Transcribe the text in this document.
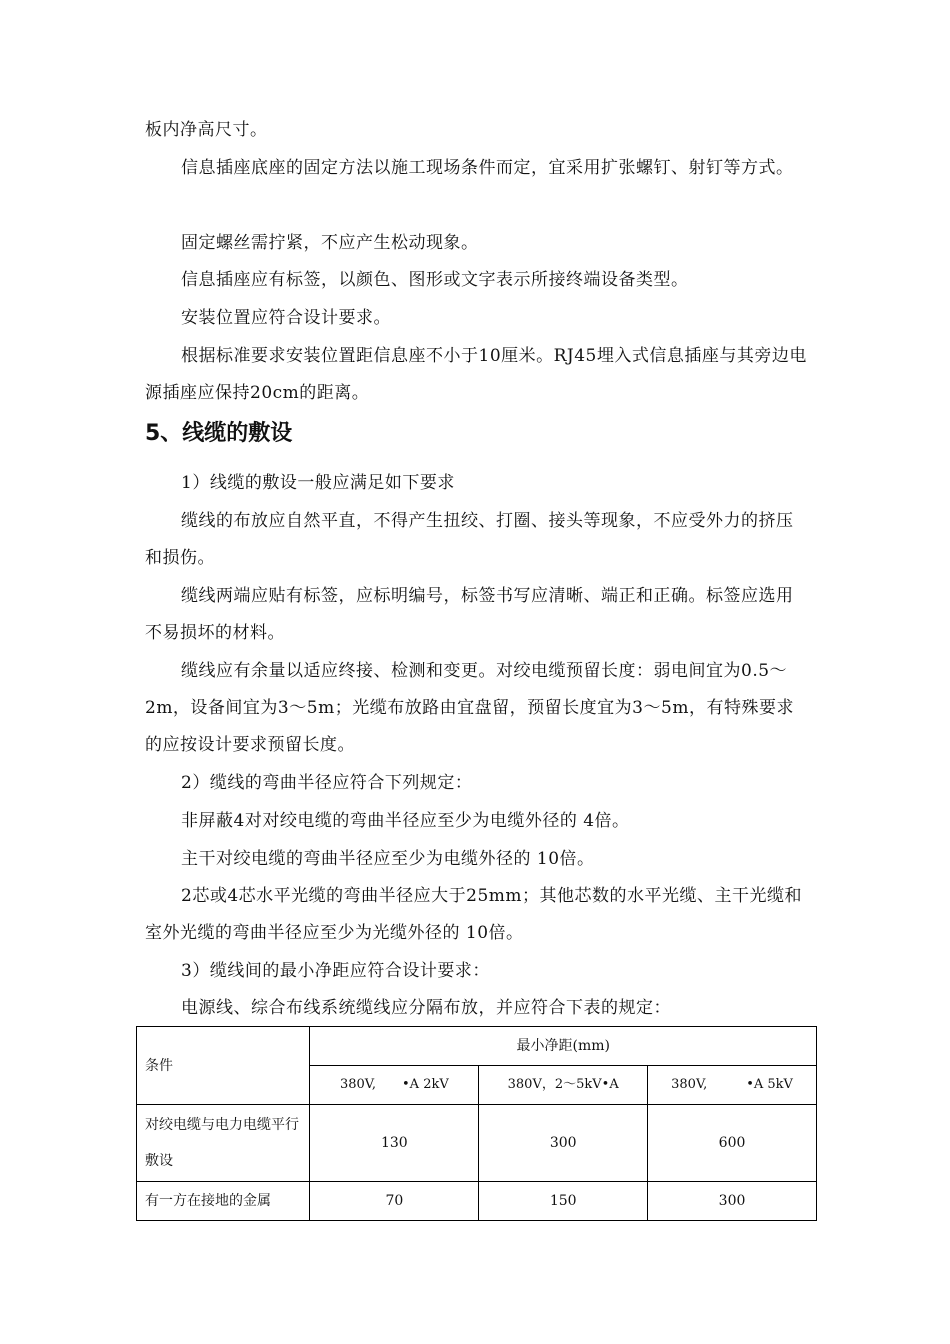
板内净高尺寸。

信息插座底座的固定方法以施工现场条件而定，宜采用扩张螺钉、射钉等方式。

固定螺丝需拧紧，不应产生松动现象。

信息插座应有标签，以颜色、图形或文字表示所接终端设备类型。

安装位置应符合设计要求。

根据标准要求安装位置距信息座不小于10厘米。RJ45埋入式信息插座与其旁边电源插座应保持20cm的距离。

5、线缆的敷设

1）线缆的敷设一般应满足如下要求

缆线的布放应自然平直，不得产生扭绞、打圈、接头等现象，不应受外力的挤压和损伤。

缆线两端应贴有标签，应标明编号，标签书写应清晰、端正和正确。标签应选用不易损坏的材料。

缆线应有余量以适应终接、检测和变更。对绞电缆预留长度：弱电间宜为0.5～2m，设备间宜为3～5m；光缆布放路由宜盘留，预留长度宜为3～5m，有特殊要求的应按设计要求预留长度。

2）缆线的弯曲半径应符合下列规定：

非屏蔽4对对绞电缆的弯曲半径应至少为电缆外径的 4倍。

主干对绞电缆的弯曲半径应至少为电缆外径的 10倍。

2芯或4芯水平光缆的弯曲半径应大于25mm；其他芯数的水平光缆、主干光缆和室外光缆的弯曲半径应至少为光缆外径的 10倍。

3）缆线间的最小净距应符合设计要求：

电源线、综合布线系统缆线应分隔布放，并应符合下表的规定：

条件	最小净距(mm)		
	380V,　　•A 2kV	380V，2～5kV•A	380V,　　　•A 5kV
对绞电缆与电力电缆平行敷设	130	300	600
有一方在接地的金属	70	150	300
